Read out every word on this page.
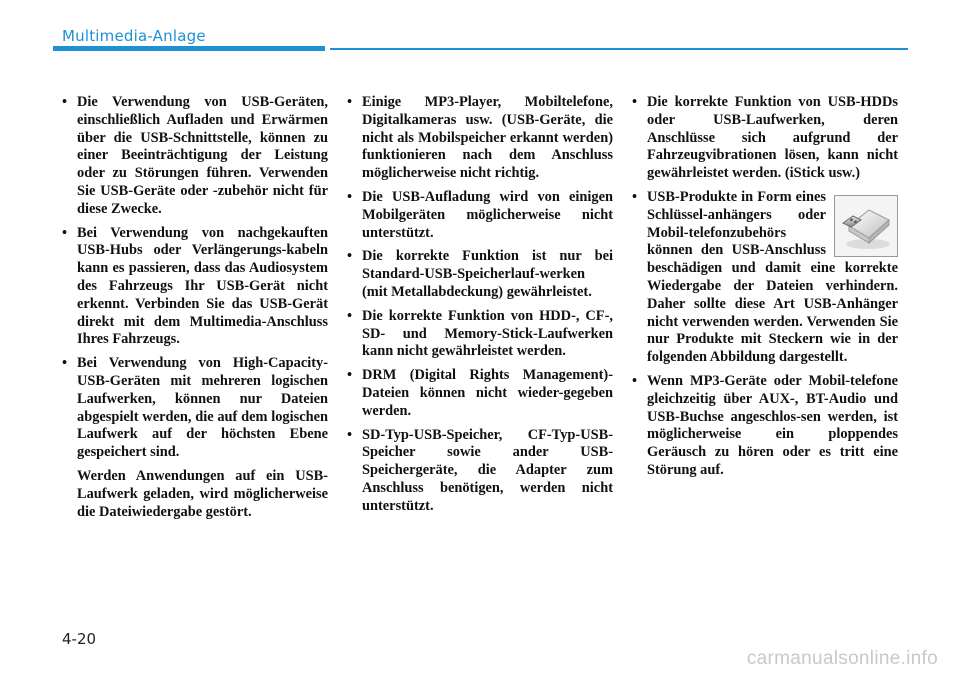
Multimedia-Anlage

• Die Verwendung von USB-Geräten, einschließlich Aufladen und Erwärmen über die USB-Schnittstelle, können zu einer Beeinträchtigung der Leistung oder zu Störungen führen. Verwenden Sie USB-Geräte oder -zubehör nicht für diese Zwecke.

• Bei Verwendung von nachgekauften USB-Hubs oder Verlängerungs-kabeln kann es passieren, dass das Audiosystem des Fahrzeugs Ihr USB-Gerät nicht erkennt. Verbinden Sie das USB-Gerät direkt mit dem Multimedia-Anschluss Ihres Fahrzeugs.

• Bei Verwendung von High-Capacity-USB-Geräten mit mehreren logischen Laufwerken, können nur Dateien abgespielt werden, die auf dem logischen Laufwerk auf der höchsten Ebene gespeichert sind.

Werden Anwendungen auf ein USB-Laufwerk geladen, wird möglicherweise die Dateiwiedergabe gestört.

• Einige MP3-Player, Mobiltelefone, Digitalkameras usw. (USB-Geräte, die nicht als Mobilspeicher erkannt werden) funktionieren nach dem Anschluss möglicherweise nicht richtig.

• Die USB-Aufladung wird von einigen Mobilgeräten möglicherweise nicht unterstützt.

• Die korrekte Funktion ist nur bei Standard-USB-Speicherlauf-werken (mit Metallabdeckung) gewährleistet.

• Die korrekte Funktion von HDD-, CF-, SD- und Memory-Stick-Laufwerken kann nicht gewährleistet werden.

• DRM (Digital Rights Management)-Dateien können nicht wieder-gegeben werden.

• SD-Typ-USB-Speicher, CF-Typ-USB-Speicher sowie ander USB-Speichergeräte, die Adapter zum Anschluss benötigen, werden nicht unterstützt.

• Die korrekte Funktion von USB-HDDs oder USB-Laufwerken, deren Anschlüsse sich aufgrund der Fahrzeugvibrationen lösen, kann nicht gewährleistet werden. (iStick usw.)

• USB-Produkte in Form eines Schlüssel-anhängers oder Mobil-telefonzubehörs können den USB-Anschluss beschädigen und damit eine korrekte Wiedergabe der Dateien verhindern. Daher sollte diese Art USB-Anhänger nicht verwenden werden. Verwenden Sie nur Produkte mit Steckern wie in der folgenden Abbildung dargestellt.

• Wenn MP3-Geräte oder Mobil-telefone gleichzeitig über AUX-, BT-Audio und USB-Buchse angeschlos-sen werden, ist möglicherweise ein ploppendes Geräusch zu hören oder es tritt eine Störung auf.

4-20
carmanualsonline.info
